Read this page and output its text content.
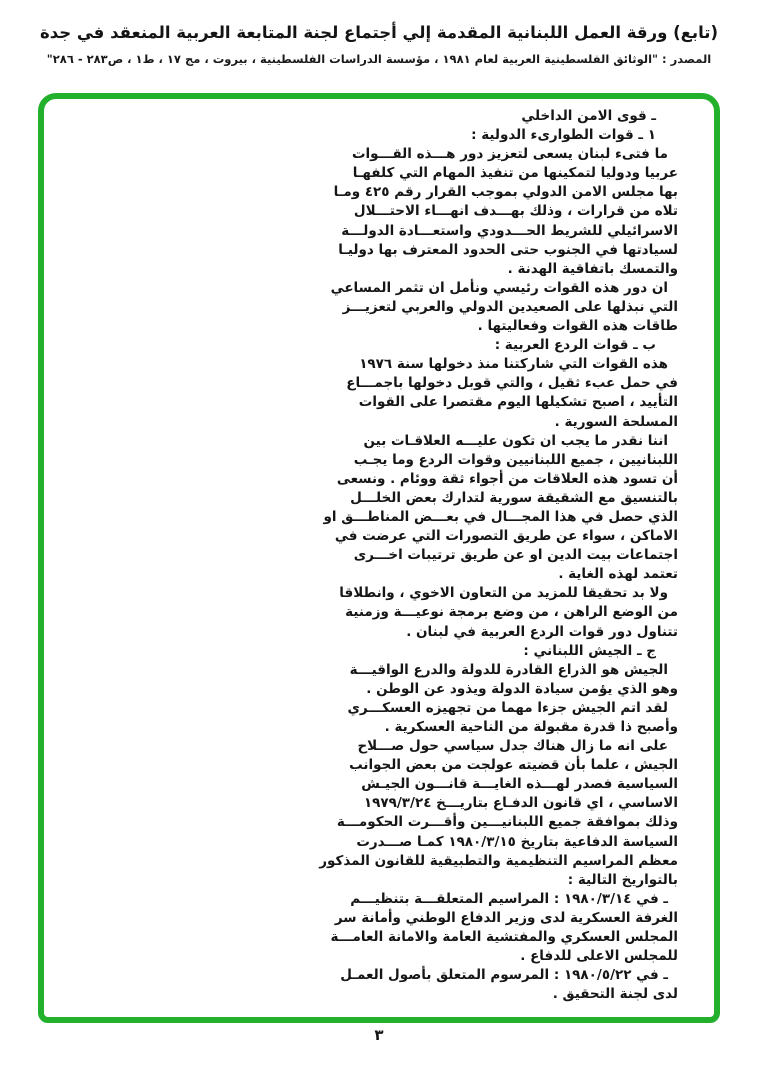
(تابع) ورقة العمل اللبنانية المقدمة إلي أجتماع لجنة المتابعة العربية المنعقد في جدة
المصدر : "الوثائق الفلسطينية العربية لعام ١٩٨١ ، مؤسسة الدراسات الفلسطينية ، بيروت ، مج ١٧ ، ط١ ، ص٢٨٣ - ٢٨٦"
ـ قوى الامن الداخلي
١ ـ قوات الطوارىء الدولية :
ما فتىء لبنان يسعى لتعزيز دور هـــذه القـــوات
عربيا ودوليا لتمكينها من تنفيذ المهام التي كلفهـا
بها مجلس الامن الدولي بموجب القرار رقم ٤٢٥ ومـا
تلاه من قرارات ، وذلك بهـــدف انهـــاء الاحتـــلال
الاسرائيلي للشريط الحـــدودي واستعـــادة الدولـــة
لسيادتها في الجنوب حتى الحدود المعترف بها دوليـا
والتمسك باتفاقية الهدنة .
ان دور هذه القوات رئيسي ونأمل ان تثمر المساعي
التي نبذلها على الصعيدين الدولي والعربي لتعزيـــز
طاقات هذه القوات وفعاليتها .
ب ـ قوات الردع العربية :
هذه القوات التي شاركتنا منذ دخولها سنة ١٩٧٦
في حمل عبء ثقيل ، والتي قوبل دخولها باجمـــاع
التأييد ، اصبح تشكيلها اليوم مقتصرا على القوات
المسلحة السورية .
اننا نقدر ما يجب ان تكون عليـــه العلاقـات بين
اللبنانيين ، جميع اللبنانيين وقوات الردع وما يجـب
أن تسود هذه العلاقات من أجواء ثقة ووئام . ونسعى
بالتنسيق مع الشقيقة سورية لتدارك بعض الخلـــل
الذي حصل في هذا المجـــال في بعـــض المناطـــق او
الاماكن ، سواء عن طريق التصورات التي عرضت في
اجتماعات بيت الدين او عن طريق ترتيبات اخـــرى
تعتمد لهذه الغاية .
ولا بد تحقيقا للمزيد من التعاون الاخوي ، وانطلاقا
من الوضع الراهن ، من وضع برمجة نوعيـــة وزمنية
تتناول دور قوات الردع العربية في لبنان .
ج ـ الجيش اللبناني :
الجيش هو الذراع القادرة للدولة والدرع الواقيـــة
وهو الذي يؤمن سيادة الدولة ويذود عن الوطن .
لقد اتم الجيش جزءا مهما من تجهيزه العسكـــري
وأصبح ذا قدرة مقبولة من الناحية العسكرية .
على انه ما زال هناك جدل سياسي حول صـــلاح
الجيش ، علما بأن قضيته عولجت من بعض الجوانب
السياسية فصدر لهـــذه الغايـــة قانـــون الجيـش
الاساسي ، اي قانون الدفـاع بتاريـــخ ١٩٧٩/٣/٢٤
وذلك بموافقة جميع اللبنانيـــين وأقـــرت الحكومـــة
السياسة الدفاعية بتاريخ ١٩٨٠/٣/١٥ كمـا صـــدرت
معظم المراسيم التنظيمية والتطبيقية للقانون المذكور
بالتواريخ التالية :
ـ في ١٩٨٠/٣/١٤ : المراسيم المتعلقـــة بتنظيـــم
الغرفة العسكرية لدى وزير الدفاع الوطني وأمانة سر
المجلس العسكري والمفتشية العامة والامانة العامـــة
للمجلس الاعلى للدفاع .
ـ في ١٩٨٠/٥/٢٢ : المرسوم المتعلق بأصول العمـل
لدى لجنة التحقيق .
٣
